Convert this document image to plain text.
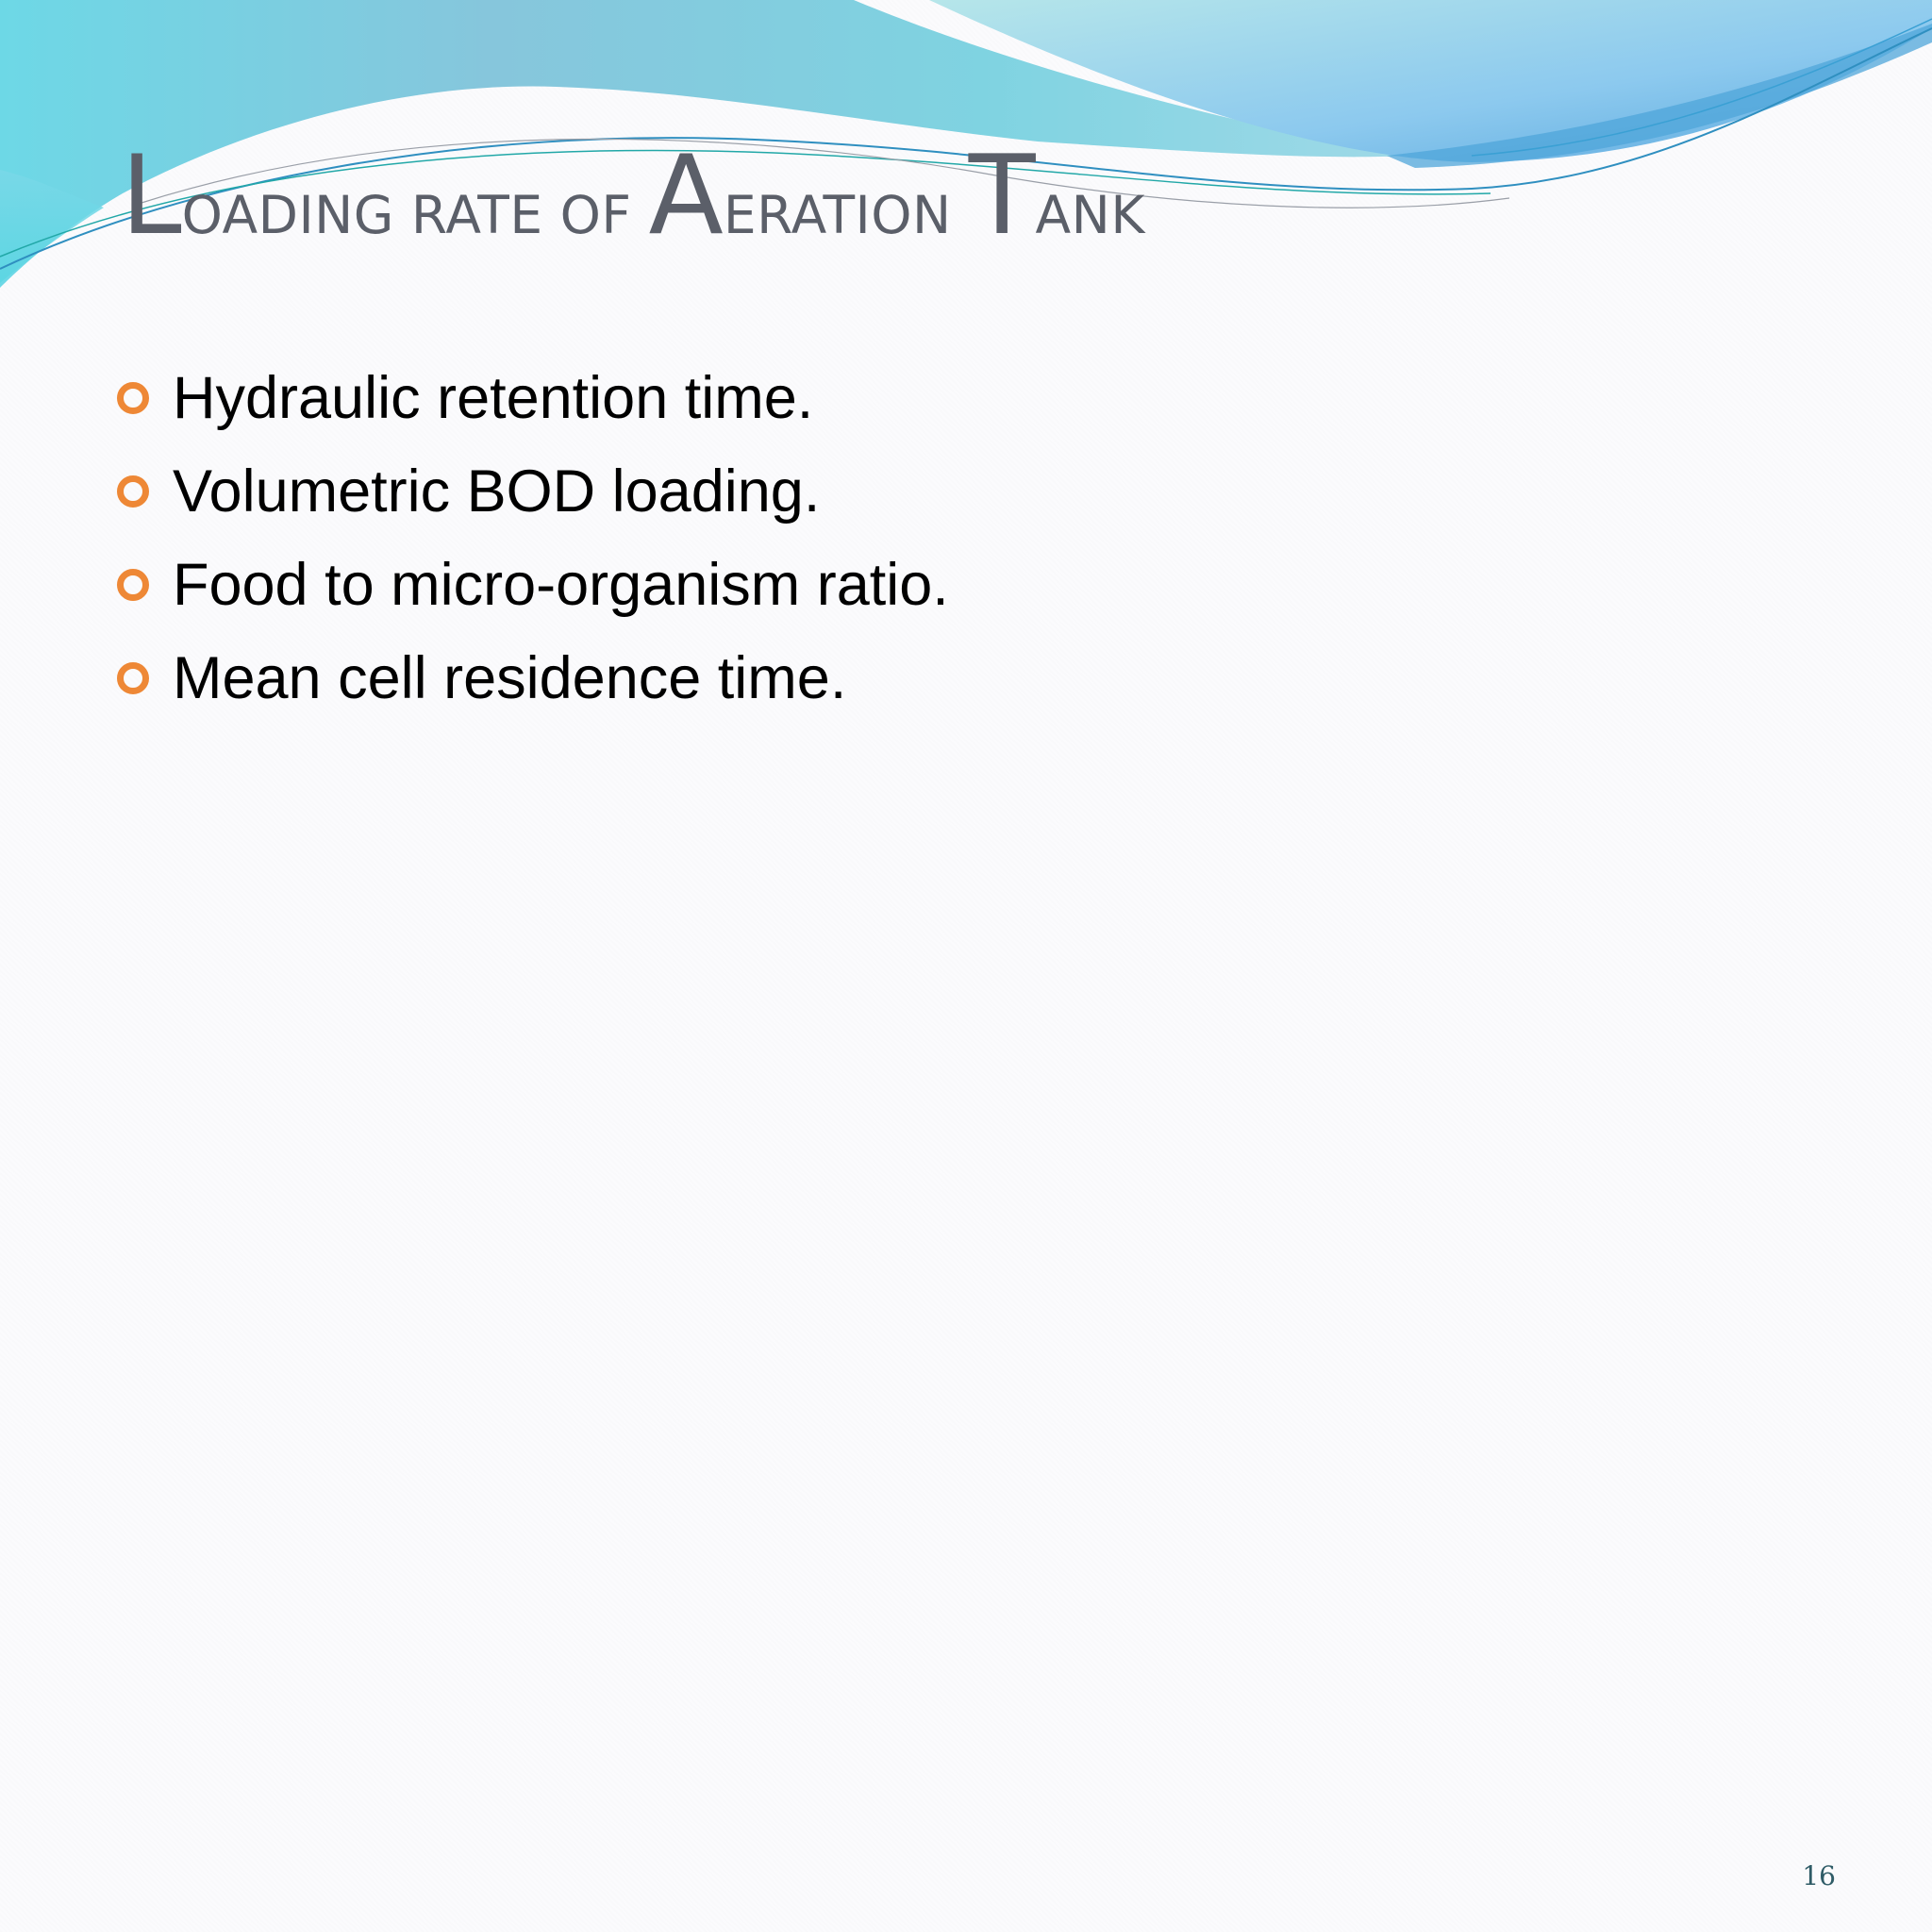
LOADING RATE OF AERATION TANK
Hydraulic retention time.
Volumetric BOD loading.
Food to micro-organism ratio.
Mean cell residence time.
16
